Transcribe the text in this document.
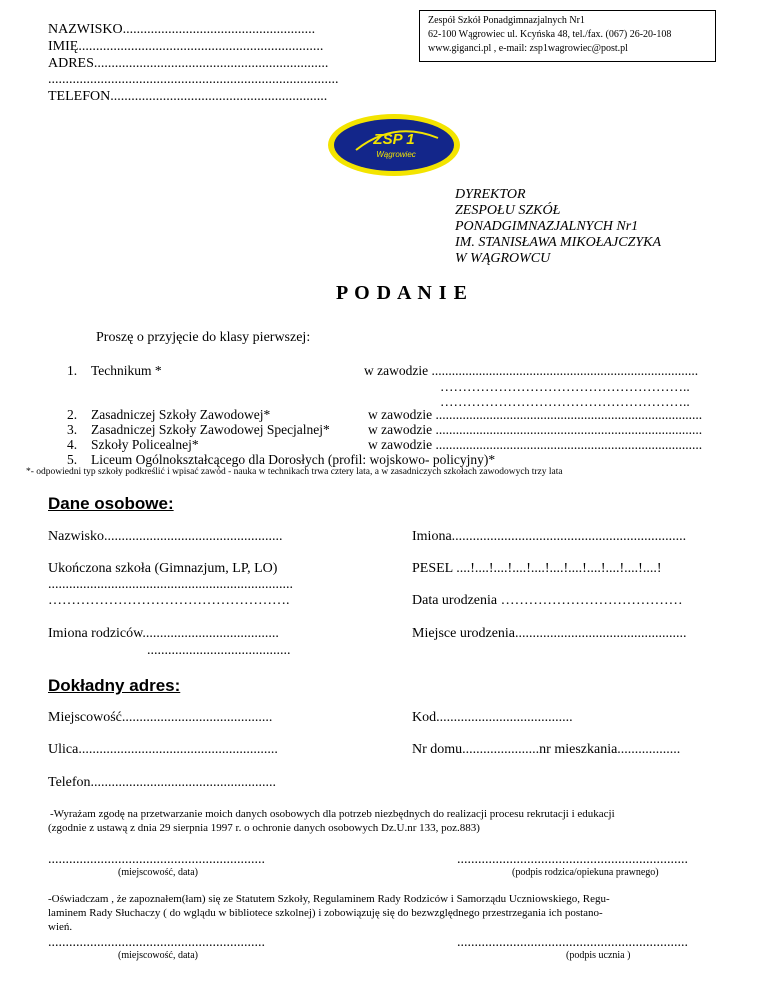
NAZWISKO.......................................................
IMIĘ......................................................................
ADRES...................................................................
...................................................................................
TELEFON..............................................................
Zespół Szkół Ponadgimnazjalnych Nr1
62-100 Wągrowiec ul. Kcyńska 48, tel./fax. (067) 26-20-108
www.giganci.pl , e-mail: zsp1wagrowiec@post.pl
ZSP 1
Wągrowiec
DYREKTOR
ZESPOŁU SZKÓŁ
PONADGIMNAZJALNYCH Nr1
IM. STANISŁAWA MIKOŁAJCZYKA
W WĄGROWCU
P O D A N I E
Proszę o przyjęcie do klasy pierwszej:
1. Technikum *	w zawodzie ...............................................................................
………………………………………………..
………………………………………………..
2. Zasadniczej Szkoły Zawodowej*	w zawodzie ...............................................................................
3. Zasadniczej Szkoły Zawodowej Specjalnej*	w zawodzie ...............................................................................
4. Szkoły Policealnej*	w zawodzie ...............................................................................
5. Liceum Ogólnokształcącego dla Dorosłych (profil: wojskowo- policyjny)*
*- odpowiedni typ szkoły podkreślić i wpisać zawód - nauka w technikach trwa cztery lata, a w zasadniczych szkołach zawodowych trzy lata
Dane osobowe:
Nazwisko...................................................	Imiona...................................................................
Ukończona szkoła (Gimnazjum, LP, LO)
......................................................................
…………………………………………….
PESEL ....!....!....!....!....!....!....!....!....!....!....!
Data urodzenia …………………………………
Imiona rodziców.......................................
.........................................
Miejsce urodzenia.................................................
Dokładny adres:
Miejscowość...........................................	Kod.......................................
Ulica.........................................................	Nr domu......................nr mieszkania..................
Telefon.....................................................
-Wyrażam zgodę na przetwarzanie moich danych osobowych dla potrzeb niezbędnych do realizacji procesu rekrutacji i edukacji
(zgodnie z ustawą z dnia 29 sierpnia 1997 r. o ochronie danych osobowych Dz.U.nr 133, poz.883)
..............................................................
(miejscowość, data)
..................................................................
(podpis rodzica/opiekuna prawnego)
-Oświadczam , że zapoznałem(łam) się ze Statutem Szkoły, Regulaminem Rady Rodziców i Samorządu Uczniowskiego, Regu-
laminem Rady Słuchaczy ( do wglądu w bibliotece szkolnej) i zobowiązuję się do bezwzględnego przestrzegania ich postano-
wień.
..............................................................
(miejscowość, data)
..................................................................
(podpis ucznia )
